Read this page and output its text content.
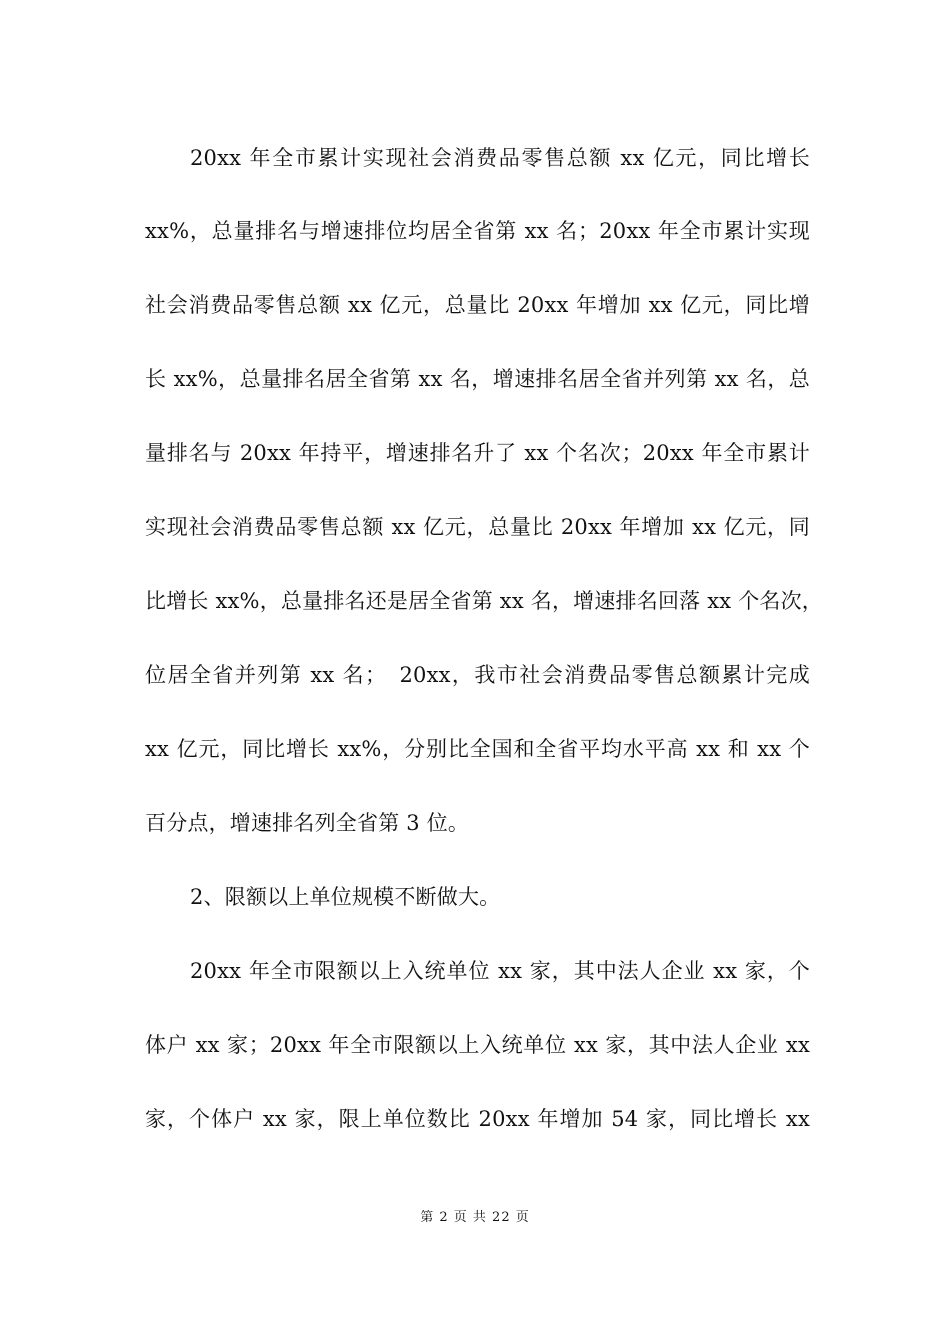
20xx 年全市累计实现社会消费品零售总额 xx 亿元，同比增长
xx%，总量排名与增速排位均居全省第 xx 名；20xx 年全市累计实现
社会消费品零售总额 xx 亿元，总量比 20xx 年增加 xx 亿元，同比增
长 xx%，总量排名居全省第 xx 名，增速排名居全省并列第 xx 名，总
量排名与 20xx 年持平，增速排名升了 xx 个名次；20xx 年全市累计
实现社会消费品零售总额 xx 亿元，总量比 20xx 年增加 xx 亿元，同
比增长 xx%，总量排名还是居全省第 xx 名，增速排名回落 xx 个名次，
位居全省并列第 xx 名；　20xx，我市社会消费品零售总额累计完成
xx 亿元，同比增长 xx%，分别比全国和全省平均水平高 xx 和 xx 个
百分点，增速排名列全省第 3 位。
2、限额以上单位规模不断做大。
20xx 年全市限额以上入统单位 xx 家，其中法人企业 xx 家，个
体户 xx 家；20xx 年全市限额以上入统单位 xx 家，其中法人企业 xx
家，个体户 xx 家，限上单位数比 20xx 年增加 54 家，同比增长 xx
第 2 页 共 22 页
